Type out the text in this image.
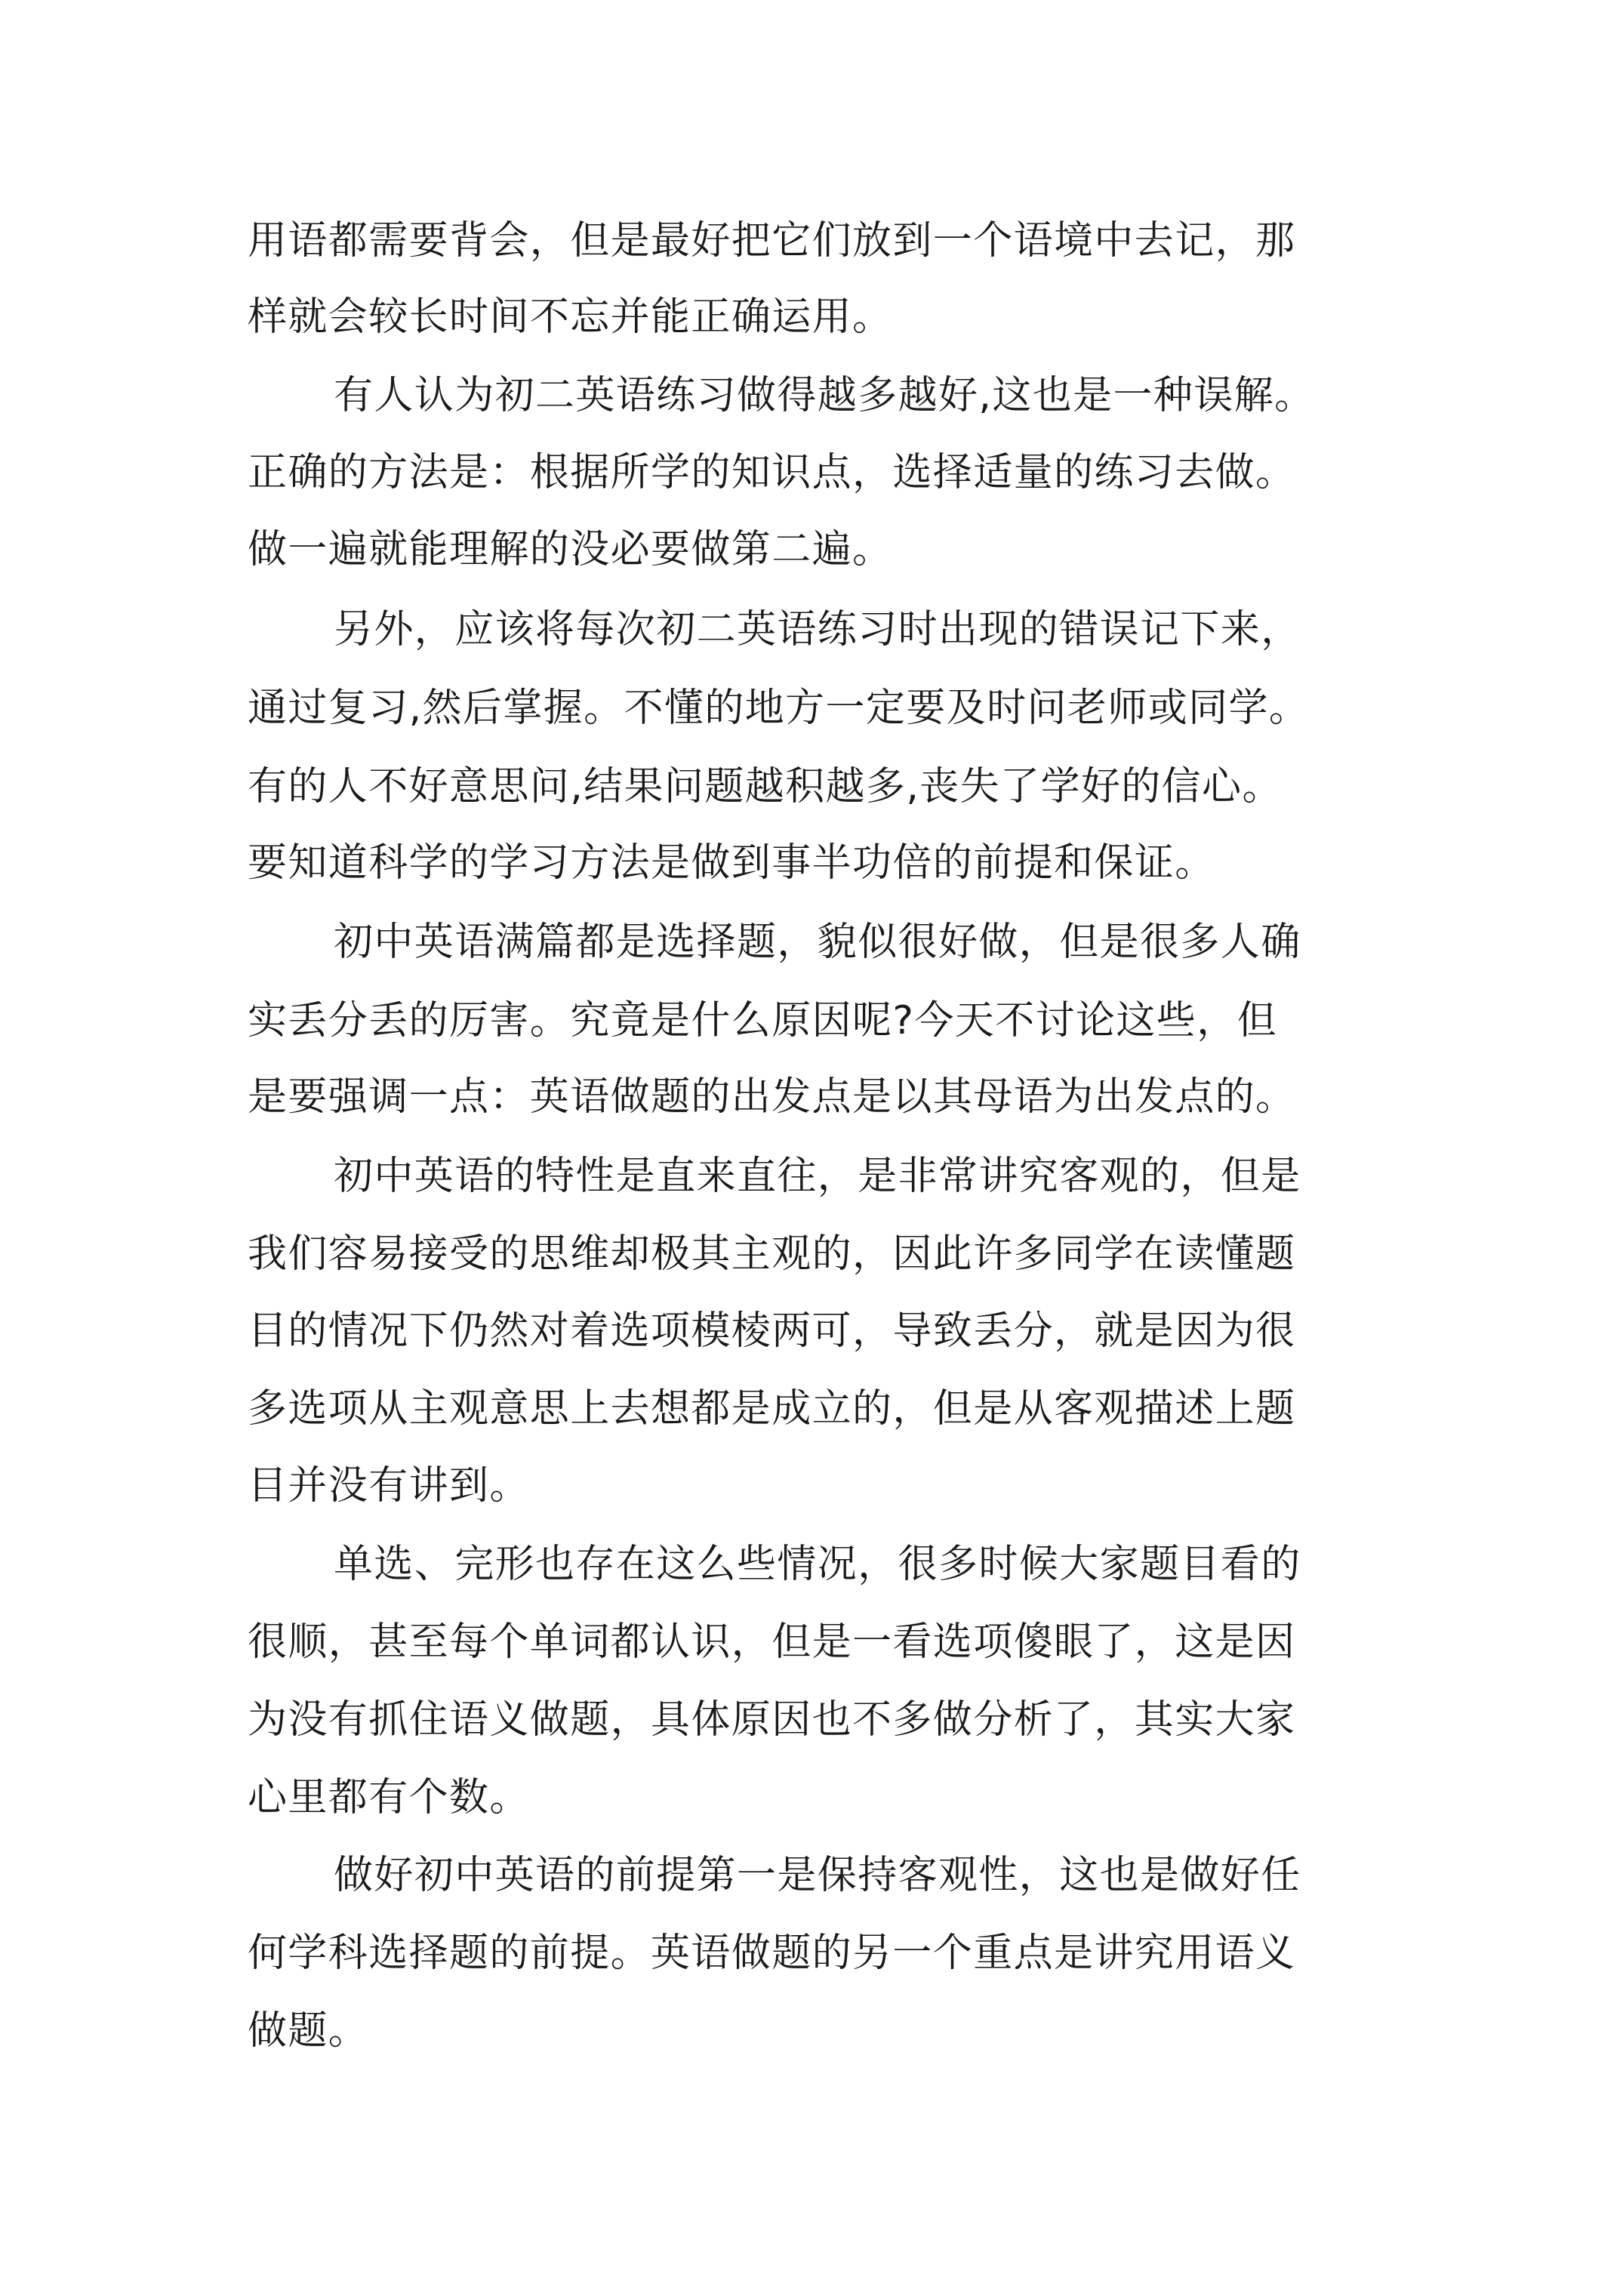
用语都需要背会，但是最好把它们放到一个语境中去记，那
样就会较长时间不忘并能正确运用。
有人认为初二英语练习做得越多越好,这也是一种误解。
正确的方法是：根据所学的知识点，选择适量的练习去做。
做一遍就能理解的没必要做第二遍。
另外，应该将每次初二英语练习时出现的错误记下来，
通过复习,然后掌握。不懂的地方一定要及时问老师或同学。
有的人不好意思问,结果问题越积越多,丧失了学好的信心。
要知道科学的学习方法是做到事半功倍的前提和保证。
初中英语满篇都是选择题，貌似很好做，但是很多人确
实丢分丢的厉害。究竟是什么原因呢?今天不讨论这些，但
是要强调一点：英语做题的出发点是以其母语为出发点的。
初中英语的特性是直来直往，是非常讲究客观的，但是
我们容易接受的思维却极其主观的，因此许多同学在读懂题
目的情况下仍然对着选项模棱两可，导致丢分，就是因为很
多选项从主观意思上去想都是成立的，但是从客观描述上题
目并没有讲到。
单选、完形也存在这么些情况，很多时候大家题目看的
很顺，甚至每个单词都认识，但是一看选项傻眼了，这是因
为没有抓住语义做题，具体原因也不多做分析了，其实大家
心里都有个数。
做好初中英语的前提第一是保持客观性，这也是做好任
何学科选择题的前提。英语做题的另一个重点是讲究用语义
做题。
